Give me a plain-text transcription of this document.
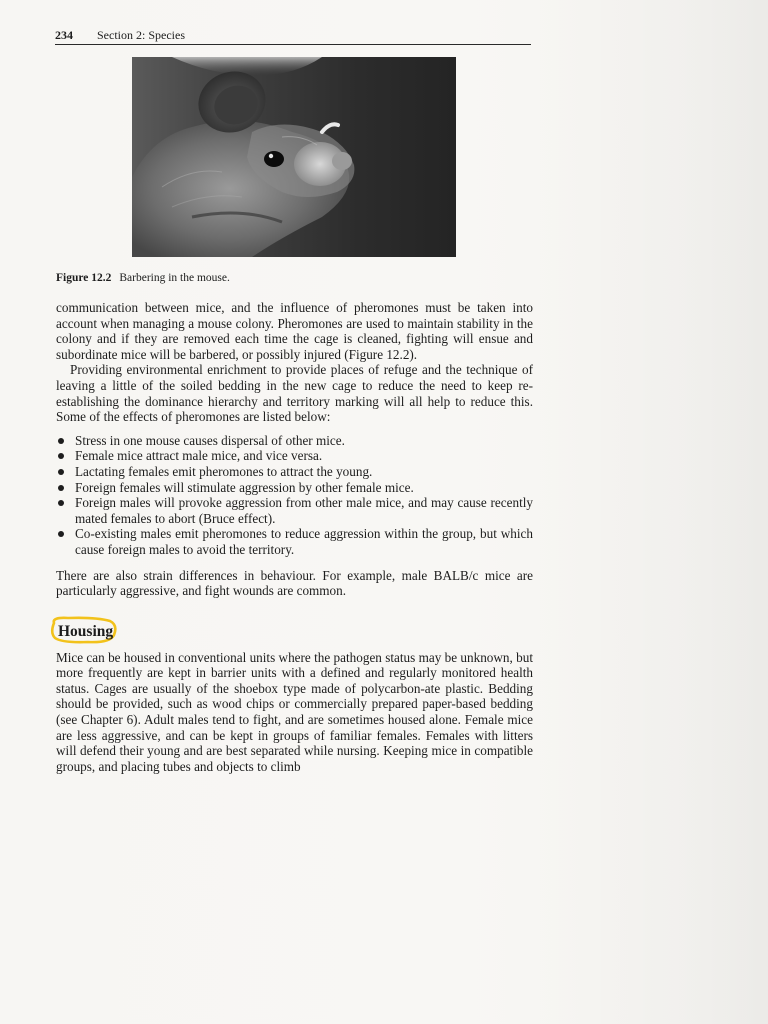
234 Section 2: Species
Figure 12.2 Barbering in the mouse.

communication between mice, and the influence of pheromones must be taken into account when managing a mouse colony. Pheromones are used to maintain stability in the colony and if they are removed each time the cage is cleaned, fighting will ensue and subordinate mice will be barbered, or possibly injured (Figure 12.2).

Providing environmental enrichment to provide places of refuge and the technique of leaving a little of the soiled bedding in the new cage to reduce the need to keep re-establishing the dominance hierarchy and territory marking will all help to reduce this. Some of the effects of pheromones are listed below:

Stress in one mouse causes dispersal of other mice.
Female mice attract male mice, and vice versa.
Lactating females emit pheromones to attract the young.
Foreign females will stimulate aggression by other female mice.
Foreign males will provoke aggression from other male mice, and may cause recently mated females to abort (Bruce effect).
Co-existing males emit pheromones to reduce aggression within the group, but which cause foreign males to avoid the territory.

There are also strain differences in behaviour. For example, male BALB/c mice are particularly aggressive, and fight wounds are common.

Housing

Mice can be housed in conventional units where the pathogen status may be unknown, but more frequently are kept in barrier units with a defined and regularly monitored health status. Cages are usually of the shoebox type made of polycarbon-ate plastic. Bedding should be provided, such as wood chips or commercially prepared paper-based bedding (see Chapter 6). Adult males tend to fight, and are sometimes housed alone. Female mice are less aggressive, and can be kept in groups of familiar females. Females with litters will defend their young and are best separated while nursing. Keeping mice in compatible groups, and placing tubes and objects to climb
